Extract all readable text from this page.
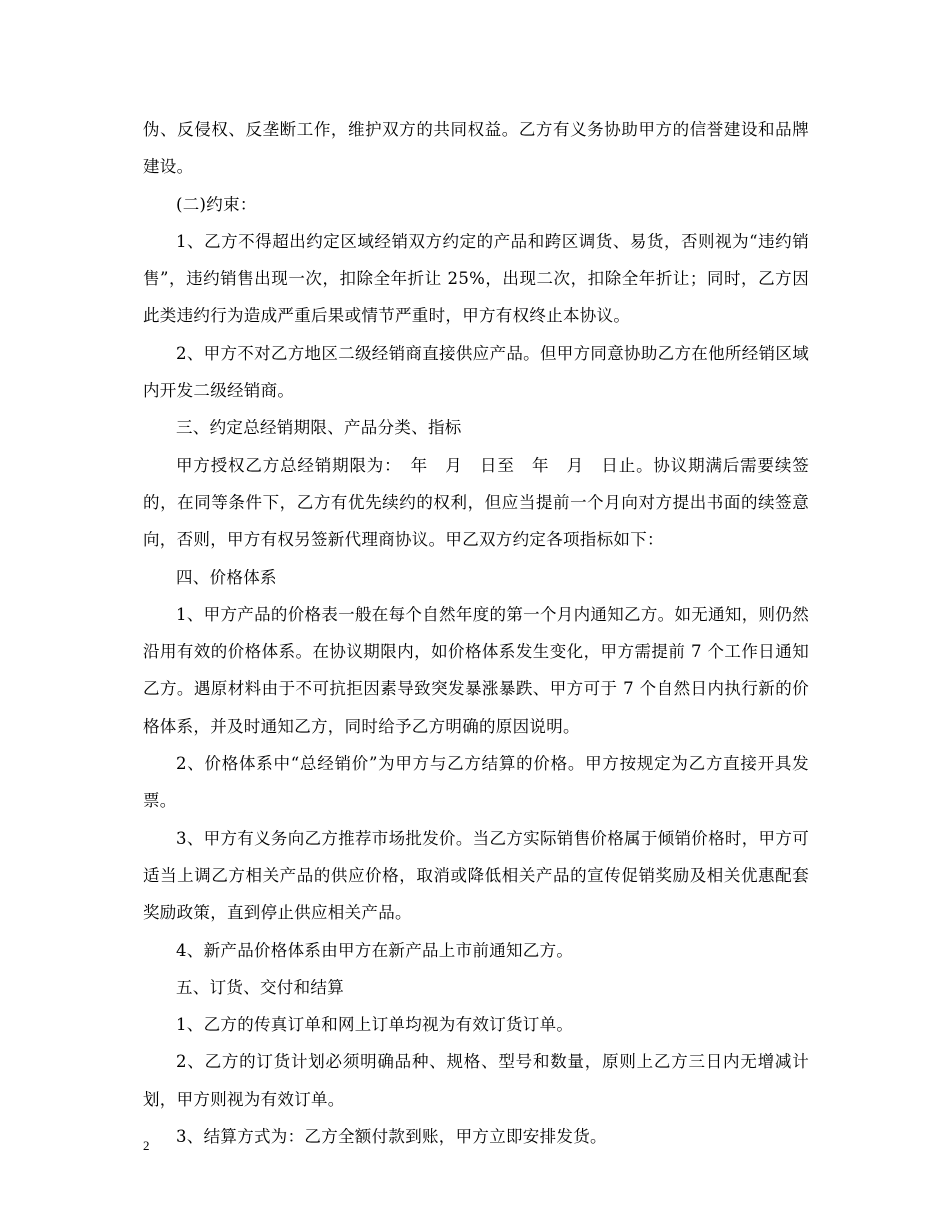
伪、反侵权、反垄断工作，维护双方的共同权益。乙方有义务协助甲方的信誉建设和品牌建设。

(二)约束：

1、乙方不得超出约定区域经销双方约定的产品和跨区调货、易货，否则视为“违约销售”，违约销售出现一次，扣除全年折让 25%，出现二次，扣除全年折让；同时，乙方因此类违约行为造成严重后果或情节严重时，甲方有权终止本协议。

2、甲方不对乙方地区二级经销商直接供应产品。但甲方同意协助乙方在他所经销区域内开发二级经销商。

三、约定总经销期限、产品分类、指标

甲方授权乙方总经销期限为：　年　月　日至　年　月　日止。协议期满后需要续签的，在同等条件下，乙方有优先续约的权利，但应当提前一个月向对方提出书面的续签意向，否则，甲方有权另签新代理商协议。甲乙双方约定各项指标如下：

四、价格体系

1、甲方产品的价格表一般在每个自然年度的第一个月内通知乙方。如无通知，则仍然沿用有效的价格体系。在协议期限内，如价格体系发生变化，甲方需提前 7 个工作日通知乙方。遇原材料由于不可抗拒因素导致突发暴涨暴跌、甲方可于 7 个自然日内执行新的价格体系，并及时通知乙方，同时给予乙方明确的原因说明。

2、价格体系中“总经销价”为甲方与乙方结算的价格。甲方按规定为乙方直接开具发票。

3、甲方有义务向乙方推荐市场批发价。当乙方实际销售价格属于倾销价格时，甲方可适当上调乙方相关产品的供应价格，取消或降低相关产品的宣传促销奖励及相关优惠配套奖励政策，直到停止供应相关产品。

4、新产品价格体系由甲方在新产品上市前通知乙方。

五、订货、交付和结算

1、乙方的传真订单和网上订单均视为有效订货订单。

2、乙方的订货计划必须明确品种、规格、型号和数量，原则上乙方三日内无增减计划，甲方则视为有效订单。

3、结算方式为：乙方全额付款到账，甲方立即安排发货。

2
